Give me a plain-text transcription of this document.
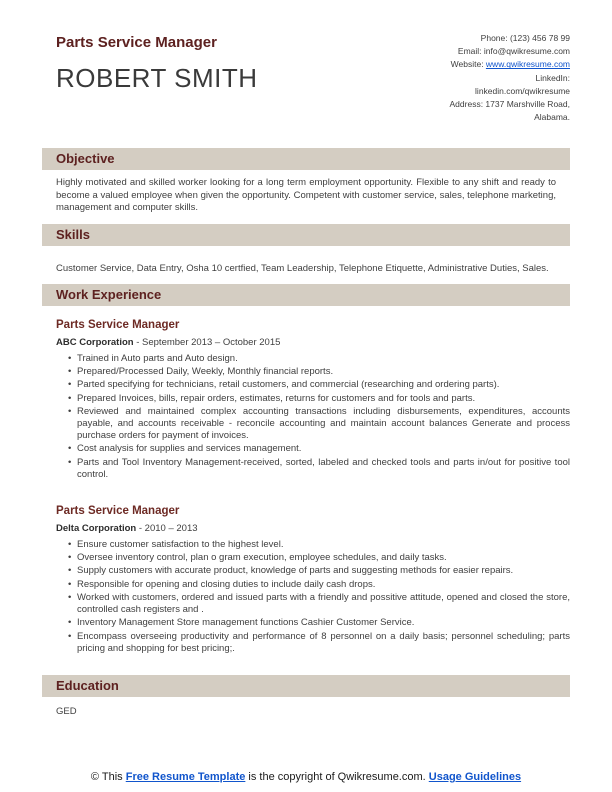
Parts Service Manager
ROBERT SMITH
Phone: (123) 456 78 99
Email: info@qwikresume.com
Website: www.qwikresume.com
LinkedIn:
linkedin.com/qwikresume
Address: 1737 Marshville Road,
Alabama.
Objective

Highly motivated and skilled worker looking for a long term employment opportunity. Flexible to any shift and ready to become a valued employee when given the opportunity. Competent with customer service, sales, telephone marketing, management and computer skills.

Skills

Customer Service, Data Entry, Osha 10 certfied, Team Leadership, Telephone Etiquette, Administrative Duties, Sales.

Work Experience
Parts Service Manager
ABC Corporation - September 2013 – October 2015
• Trained in Auto parts and Auto design.
• Prepared/Processed Daily, Weekly, Monthly financial reports.
• Parted specifying for technicians, retail customers, and commercial (researching and ordering parts).
• Prepared Invoices, bills, repair orders, estimates, returns for customers and for tools and parts.
• Reviewed and maintained complex accounting transactions including disbursements, expenditures, accounts payable, and accounts receivable - reconcile accounting and maintain account balances Generate and process purchase orders for payment of invoices.
• Cost analysis for supplies and services management.
• Parts and Tool Inventory Management-received, sorted, labeled and checked tools and parts in/out for positive tool control.
Parts Service Manager
Delta Corporation - 2010 – 2013
• Ensure customer satisfaction to the highest level.
• Oversee inventory control, plan o gram execution, employee schedules, and daily tasks.
• Supply customers with accurate product, knowledge of parts and suggesting methods for easier repairs.
• Responsible for opening and closing duties to include daily cash drops.
• Worked with customers, ordered and issued parts with a friendly and possitive attitude, opened and closed the store, controlled cash registers and .
• Inventory Management Store management functions Cashier Customer Service.
• Encompass overseeing productivity and performance of 8 personnel on a daily basis; personnel scheduling; parts pricing and shopping for best pricing;.
Education

GED

© This Free Resume Template is the copyright of Qwikresume.com. Usage Guidelines
